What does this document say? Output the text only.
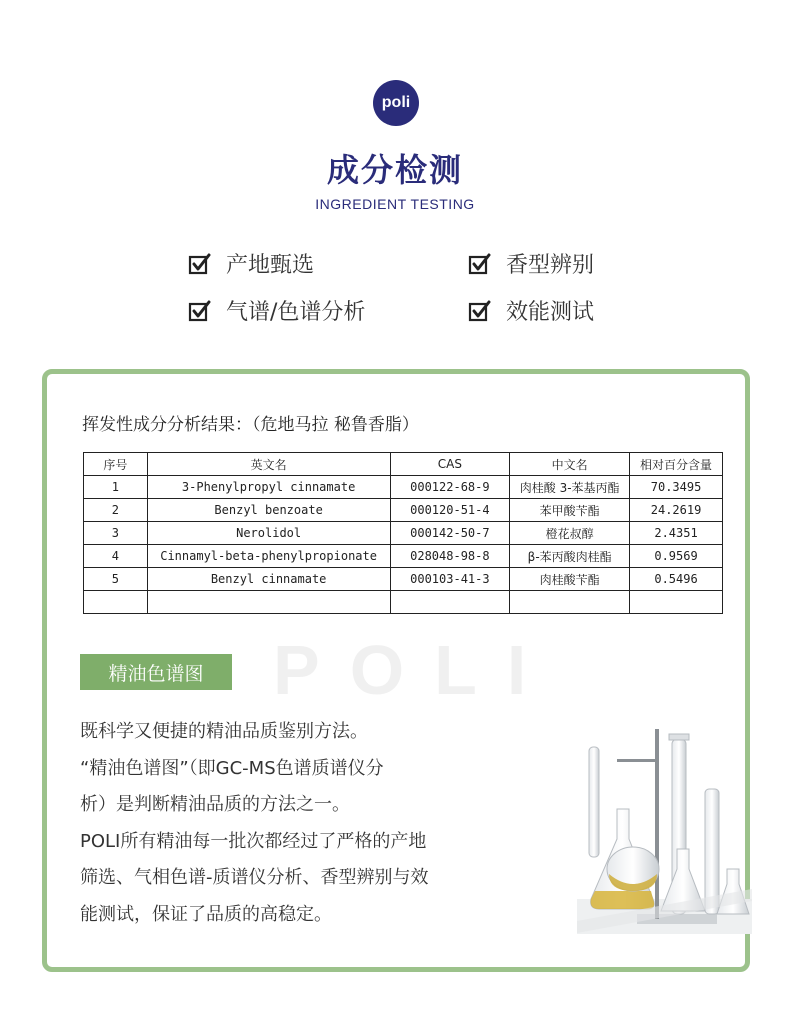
poli
成分检测
INGREDIENT TESTING
产地甄选	香型辨别
气谱/色谱分析	效能测试
挥发性成分分析结果：（危地马拉 秘鲁香脂）
POLI
序号	英文名	CAS	中文名	相对百分含量
1	3-Phenylpropyl cinnamate	000122-68-9	肉桂酸 3-苯基丙酯	70.3495
2	Benzyl benzoate	000120-51-4	苯甲酸苄酯	24.2619
3	Nerolidol	000142-50-7	橙花叔醇	2.4351
4	Cinnamyl-beta-phenylpropionate	028048-98-8	β-苯丙酸肉桂酯	0.9569
5	Benzyl cinnamate	000103-41-3	肉桂酸苄酯	0.5496

精油色谱图

既科学又便捷的精油品质鉴别方法。

“精油色谱图”（即GC-MS色谱质谱仪分

析）是判断精油品质的方法之一。

POLI所有精油每一批次都经过了严格的产地

筛选、气相色谱-质谱仪分析、香型辨别与效

能测试，保证了品质的高稳定。
